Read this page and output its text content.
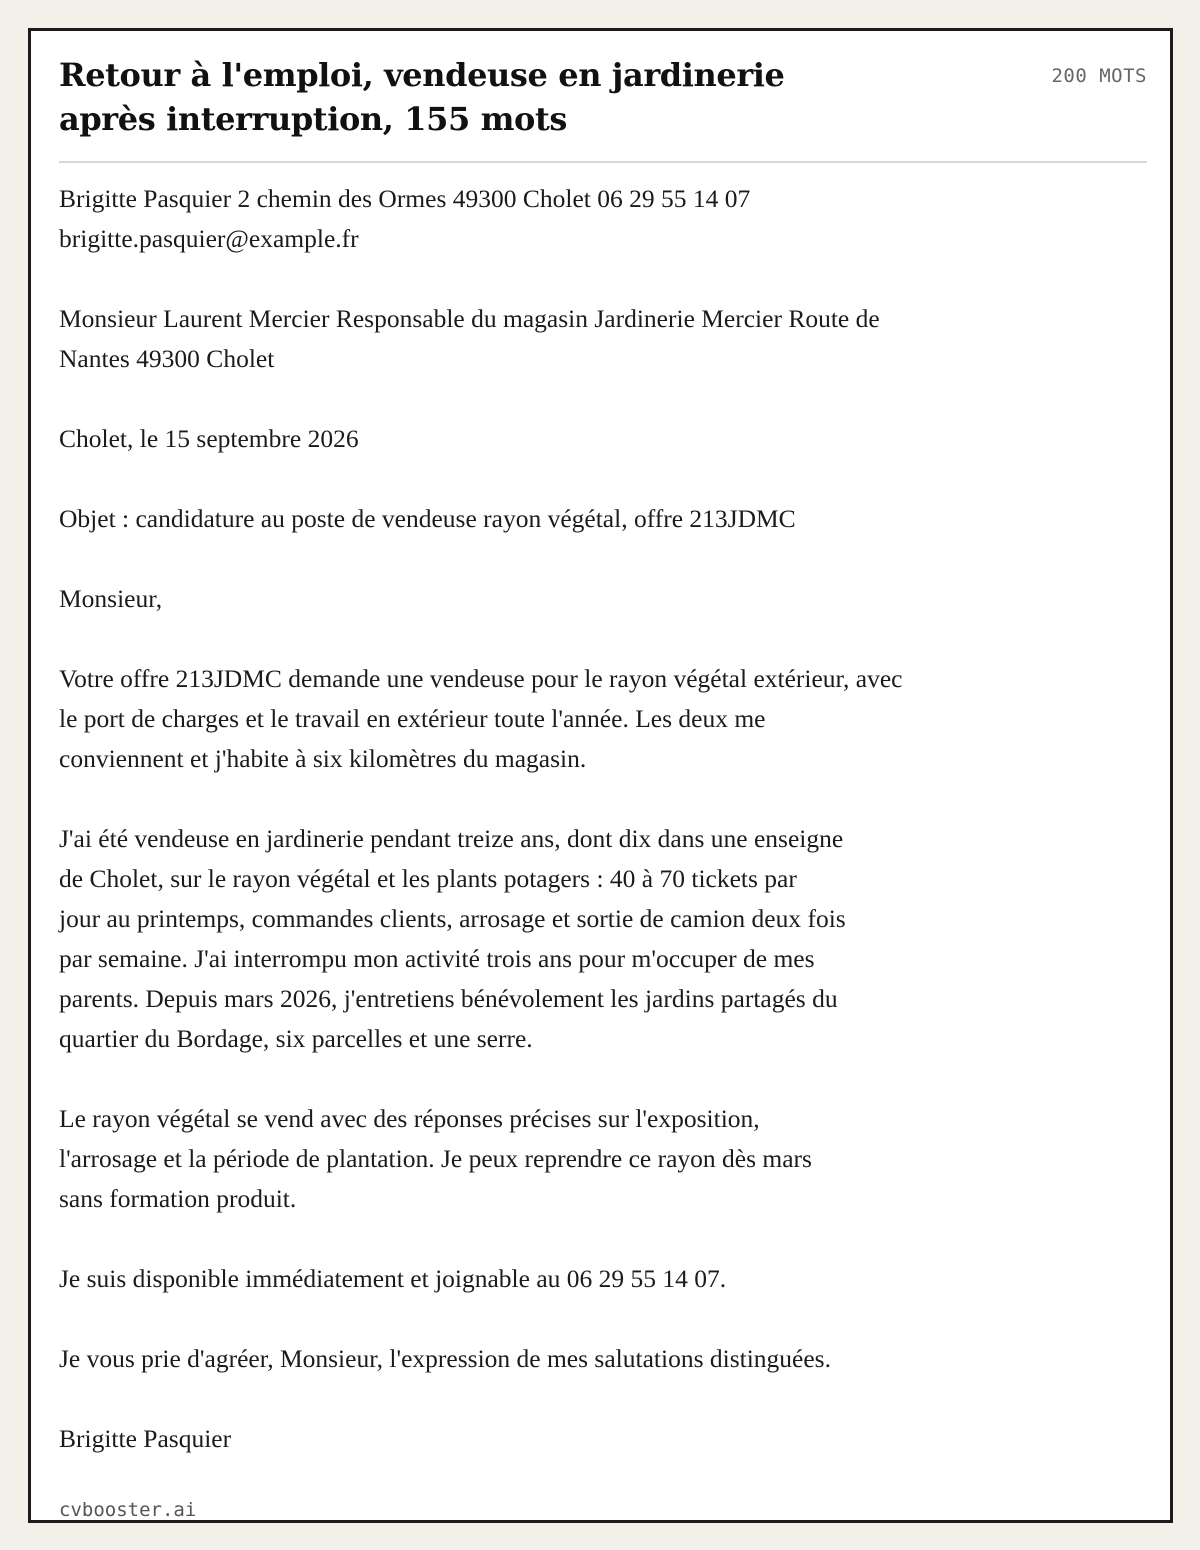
Retour à l'emploi, vendeuse en jardinerie
après interruption, 155 mots
200 MOTS

Brigitte Pasquier 2 chemin des Ormes 49300 Cholet 06 29 55 14 07
brigitte.pasquier@example.fr

Monsieur Laurent Mercier Responsable du magasin Jardinerie Mercier Route de
Nantes 49300 Cholet

Cholet, le 15 septembre 2026

Objet : candidature au poste de vendeuse rayon végétal, offre 213JDMC

Monsieur,

Votre offre 213JDMC demande une vendeuse pour le rayon végétal extérieur, avec
le port de charges et le travail en extérieur toute l'année. Les deux me
conviennent et j'habite à six kilomètres du magasin.

J'ai été vendeuse en jardinerie pendant treize ans, dont dix dans une enseigne
de Cholet, sur le rayon végétal et les plants potagers : 40 à 70 tickets par
jour au printemps, commandes clients, arrosage et sortie de camion deux fois
par semaine. J'ai interrompu mon activité trois ans pour m'occuper de mes
parents. Depuis mars 2026, j'entretiens bénévolement les jardins partagés du
quartier du Bordage, six parcelles et une serre.

Le rayon végétal se vend avec des réponses précises sur l'exposition,
l'arrosage et la période de plantation. Je peux reprendre ce rayon dès mars
sans formation produit.

Je suis disponible immédiatement et joignable au 06 29 55 14 07.

Je vous prie d'agréer, Monsieur, l'expression de mes salutations distinguées.

Brigitte Pasquier

cvbooster.ai
